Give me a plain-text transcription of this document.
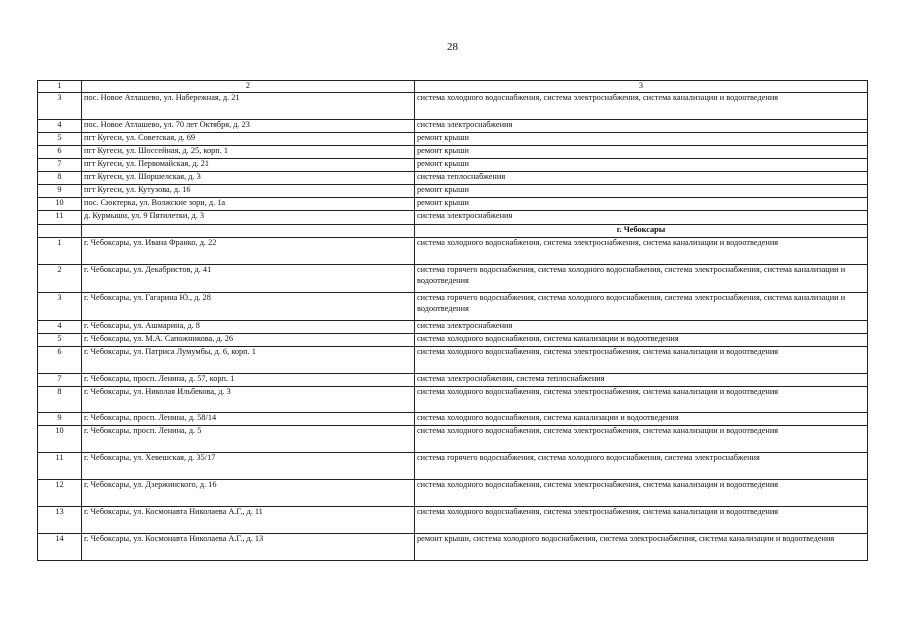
28
1	2	3
3	пос. Новое Атлашево, ул. Набережная, д. 21	система холодного водоснабжения, система электроснабжения, система канализации и водоотведения
4	пос. Новое Атлашево, ул. 70 лет Октября, д. 23	система электроснабжения
5	пгт Кугеси, ул. Советская, д. 69	ремонт крыши
6	пгт Кугеси, ул. Шоссейная, д. 25, корп. 1	ремонт крыши
7	пгт Кугеси, ул. Первомайская, д. 21	ремонт крыши
8	пгт Кугеси, ул. Шоршелская, д. 3	система теплоснабжения
9	пгт Кугеси, ул. Кутузова, д. 16	ремонт крыши
10	пос. Сюктерка, ул. Волжские зори, д. 1а	ремонт крыши
11	д. Курмыши, ул. 9 Пятилетки, д. 3	система электроснабжения
		г. Чебоксары
1	г. Чебоксары, ул. Ивана Франко, д. 22	система холодного водоснабжения, система электроснабжения, система канализации и водоотведения
2	г. Чебоксары, ул. Декабристов, д. 41	система горячего водоснабжения, система холодного водоснабжения, система электроснабжения, система канализации и водоотведения
3	г. Чебоксары, ул. Гагарина Ю., д. 28	система горячего водоснабжения, система холодного водоснабжения, система электроснабжения, система канализации и водоотведения
4	г. Чебоксары, ул. Ашмарина, д. 8	система электроснабжения
5	г. Чебоксары, ул. М.А. Сапожникова, д. 26	система холодного водоснабжения, система канализации и водоотведения
6	г. Чебоксары, ул. Патриса Лумумбы, д. 6, корп. 1	система холодного водоснабжения, система электроснабжения, система канализации и водоотведения
7	г. Чебоксары, просп. Ленина, д. 57, корп. 1	система электроснабжения, система теплоснабжения
8	г. Чебоксары, ул. Николая Ильбекова, д. 3	система холодного водоснабжения, система электроснабжения, система канализации и водоотведения
9	г. Чебоксары, просп. Ленина, д. 58/14	система холодного водоснабжения, система канализации и водоотведения
10	г. Чебоксары, просп. Ленина, д. 5	система холодного водоснабжения, система электроснабжения, система канализации и водоотведения
11	г. Чебоксары, ул. Хевешская, д. 35/17	система горячего водоснабжения, система холодного водоснабжения, система электроснабжения
12	г. Чебоксары, ул. Дзержинского, д. 16	система холодного водоснабжения, система электроснабжения, система канализации и водоотведения
13	г. Чебоксары, ул. Космонавта Николаева А.Г., д. 11	система холодного водоснабжения, система электроснабжения, система канализации и водоотведения
14	г. Чебоксары, ул. Космонавта Николаева А.Г., д. 13	ремонт крыши, система холодного водоснабжения, система электроснабжения, система канализации и водоотведения
